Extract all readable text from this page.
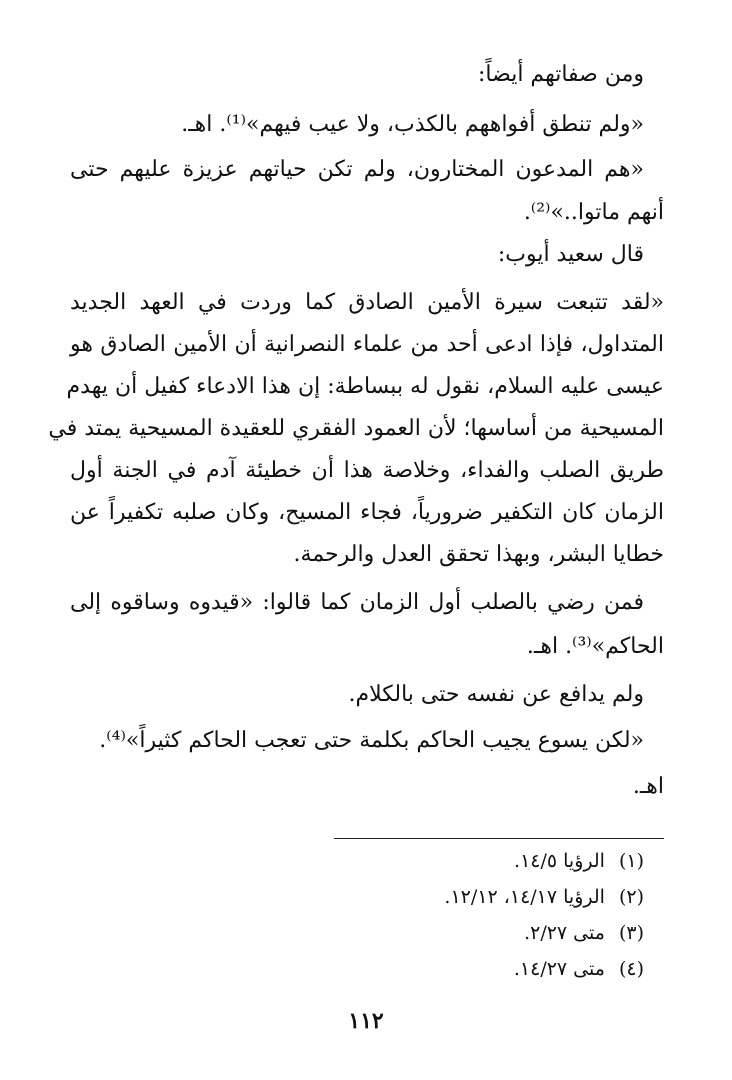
ومن صفاتهم أيضاً:
«ولم تنطق أفواههم بالكذب، ولا عيب فيهم»⁽¹⁾. اهـ.
«هم المدعون المختارون، ولم تكن حياتهم عزيزة عليهم حتى
أنهم ماتوا..»⁽²⁾.
قال سعيد أيوب:
«لقد تتبعت سيرة الأمين الصادق كما وردت في العهد الجديد
المتداول، فإذا ادعى أحد من علماء النصرانية أن الأمين الصادق هو
عيسى عليه السلام، نقول له ببساطة: إن هذا الادعاء كفيل أن يهدم
المسيحية من أساسها؛ لأن العمود الفقري للعقيدة المسيحية يمتد في
طريق الصلب والفداء، وخلاصة هذا أن خطيئة آدم في الجنة أول
الزمان كان التكفير ضرورياً، فجاء المسيح، وكان صلبه تكفيراً عن
خطايا البشر، وبهذا تحقق العدل والرحمة.
فمن رضي بالصلب أول الزمان كما قالوا: «قيدوه وساقوه إلى
الحاكم»⁽³⁾. اهـ.
ولم يدافع عن نفسه حتى بالكلام.
«لكن يسوع يجيب الحاكم بكلمة حتى تعجب الحاكم كثيراً»⁽⁴⁾.
اهـ.
(١)الرؤيا ١٤/٥.
(٢)الرؤيا ١٤/١٧، ١٢/١٢.
(٣)متى ٢/٢٧.
(٤)متى ١٤/٢٧.
١١٢
